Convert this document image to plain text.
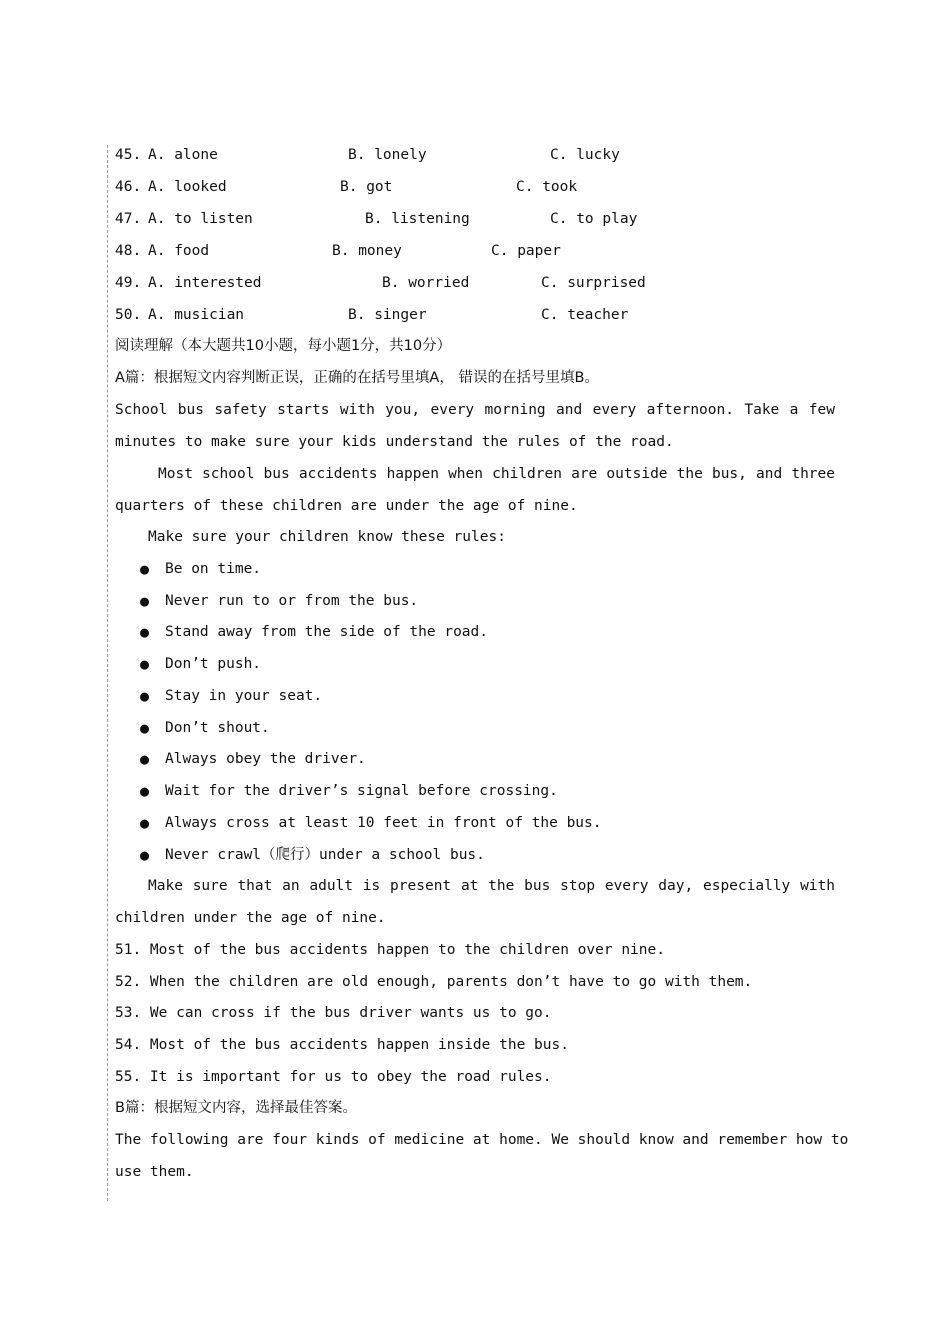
45. A. alone	B. lonely	C. lucky
46. A. looked	B. got	C. took
47. A. to listen	B. listening	C. to play
48. A. food	B. money	C. paper
49. A. interested	B. worried	C. surprised
50. A. musician	B. singer	C. teacher
阅读理解（本大题共10小题，每小题1分，共10分）
A篇：根据短文内容判断正误，正确的在括号里填A， 错误的在括号里填B。
School bus safety starts with you, every morning and every afternoon. Take a few
minutes to make sure your kids understand the rules of the road.
Most school bus accidents happen when children are outside the bus, and three
quarters of these children are under the age of nine.
Make sure your children know these rules:
● Be on time.
● Never run to or from the bus.
● Stand away from the side of the road.
● Don’t push.
● Stay in your seat.
● Don’t shout.
● Always obey the driver.
● Wait for the driver’s signal before crossing.
● Always cross at least 10 feet in front of the bus.
● Never crawl（爬行）under a school bus.
Make sure that an adult is present at the bus stop every day, especially with
children under the age of nine.
51. Most of the bus accidents happen to the children over nine.
52. When the children are old enough, parents don’t have to go with them.
53. We can cross if the bus driver wants us to go.
54. Most of the bus accidents happen inside the bus.
55. It is important for us to obey the road rules.
B篇：根据短文内容，选择最佳答案。
The following are four kinds of medicine at home. We should know and remember how to
use them.
